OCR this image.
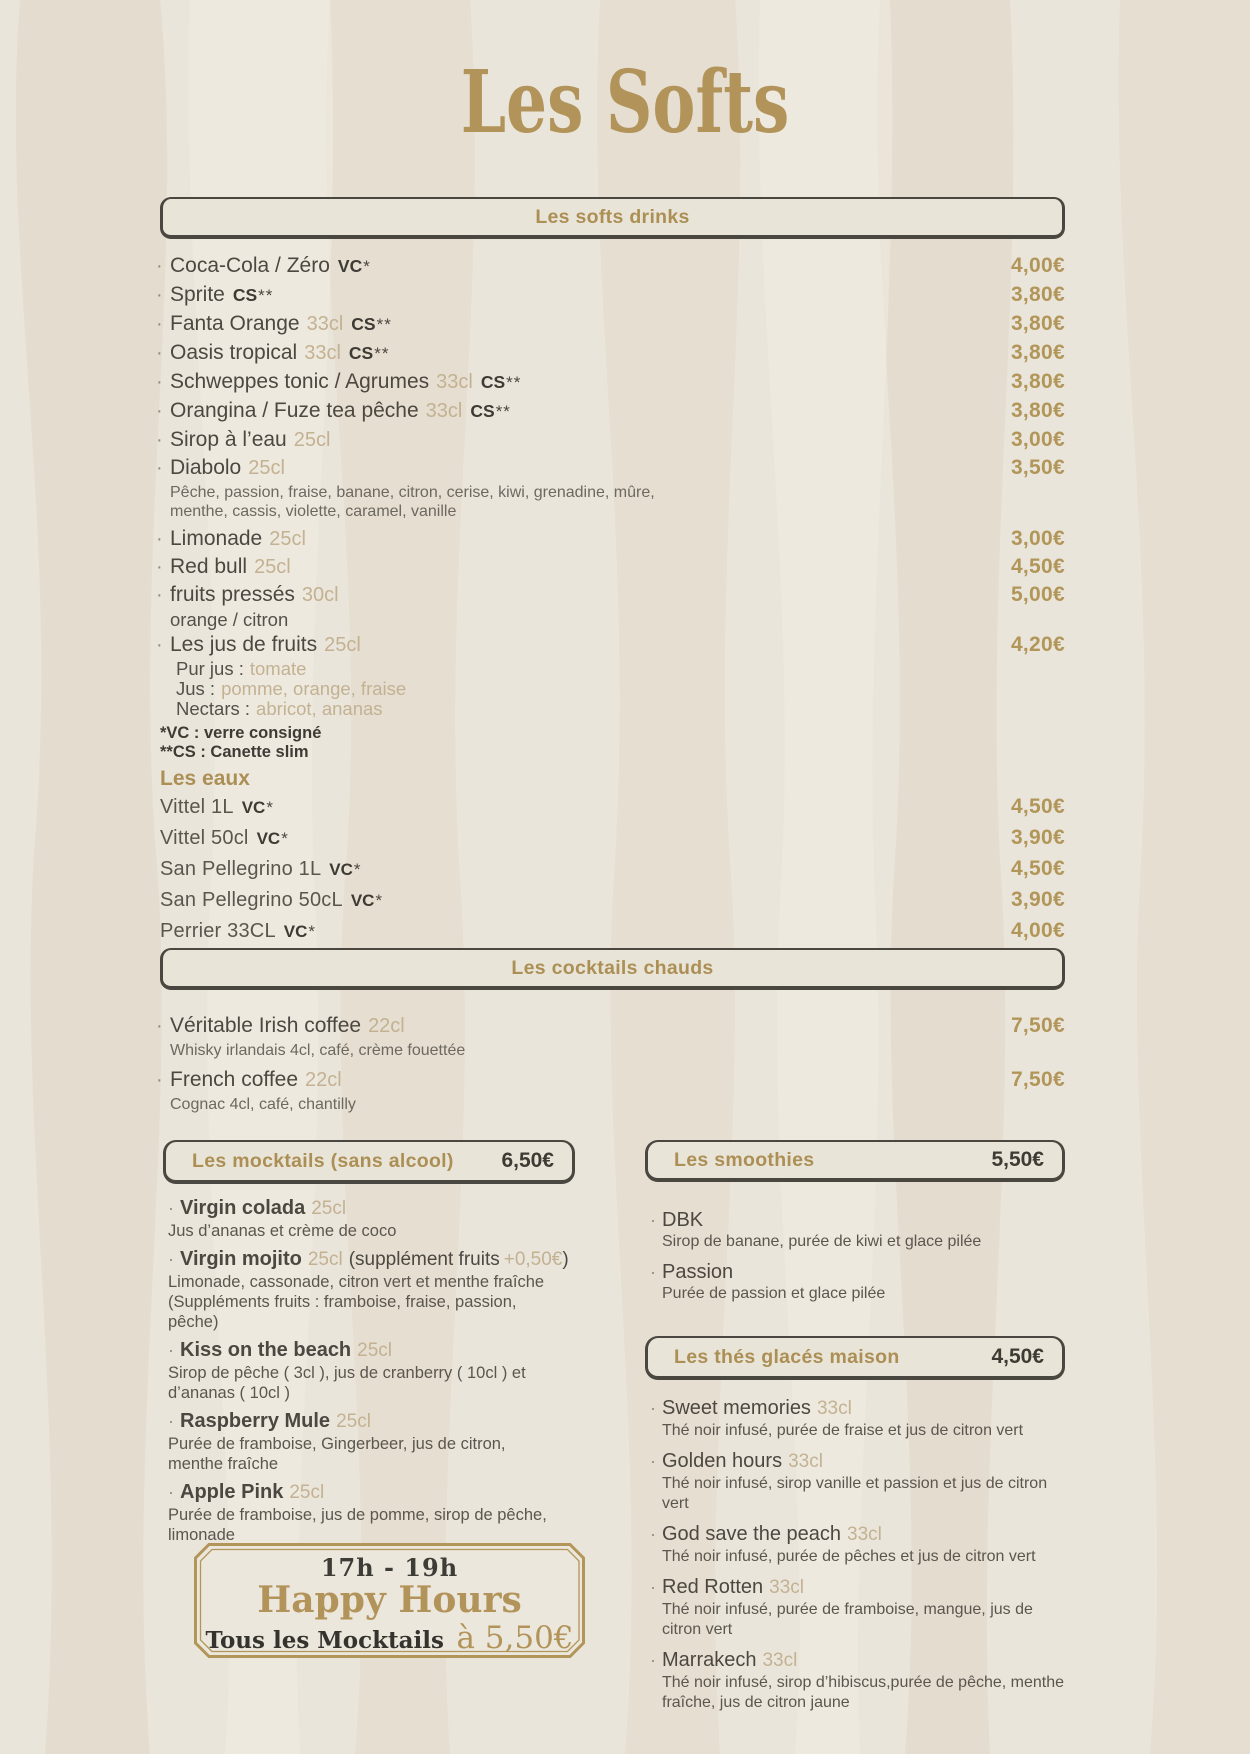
Les Softs
Les softs drinks
· Coca-Cola / Zéro VC *	4,00€
· Sprite CS **	3,80€
· Fanta Orange 33cl CS **	3,80€
· Oasis tropical 33cl CS **	3,80€
· Schweppes tonic / Agrumes 33cl CS **	3,80€
· Orangina / Fuze tea pêche 33cl CS **	3,80€
· Sirop à l’eau 25cl	3,00€
· Diabolo 25cl	3,50€
Pêche, passion, fraise, banane, citron, cerise, kiwi, grenadine, mûre, menthe, cassis, violette, caramel, vanille
· Limonade 25cl	3,00€
· Red bull 25cl	4,50€
· fruits pressés 30cl	5,00€
orange / citron
· Les jus de fruits 25cl	4,20€
Pur jus : tomate
Jus : pomme, orange, fraise
Nectars : abricot, ananas
*VC : verre consigné
**CS : Canette slim
Les eaux
Vittel 1L VC *	4,50€
Vittel 50cl VC *	3,90€
San Pellegrino 1L VC *	4,50€
San Pellegrino 50cL VC *	3,90€
Perrier 33CL VC *	4,00€
Les cocktails chauds
· Véritable Irish coffee 22cl	7,50€
Whisky irlandais 4cl, café, crème fouettée
· French coffee 22cl	7,50€
Cognac 4cl, café, chantilly
Les mocktails (sans alcool) 6,50€
· Virgin colada 25cl
Jus d’ananas et crème de coco
· Virgin mojito 25cl (supplément fruits +0,50€ )
Limonade, cassonade, citron vert et menthe fraîche (Suppléments fruits : framboise, fraise, passion, pêche)
· Kiss on the beach 25cl
Sirop de pêche ( 3cl ), jus de cranberry ( 10cl ) et d’ananas ( 10cl )
· Raspberry Mule 25cl
Purée de framboise, Gingerbeer, jus de citron, menthe fraîche
· Apple Pink 25cl
Purée de framboise, jus de pomme, sirop de pêche, limonade
Les smoothies	5,50€
· DBK
Sirop de banane, purée de kiwi et glace pilée
· Passion
Purée de passion et glace pilée
Les thés glacés maison	4,50€
· Sweet memories 33cl
Thé noir infusé, purée de fraise et jus de citron vert
· Golden hours 33cl
Thé noir infusé, sirop vanille et passion et jus de citron vert
· God save the peach 33cl
Thé noir infusé, purée de pêches et jus de citron vert
· Red Rotten 33cl
Thé noir infusé, purée de framboise, mangue, jus de citron vert
· Marrakech 33cl
Thé noir infusé, sirop d’hibiscus,purée de pêche, menthe fraîche, jus de citron jaune
17h - 19h
Happy Hours
Tous les Mocktails à 5,50€
